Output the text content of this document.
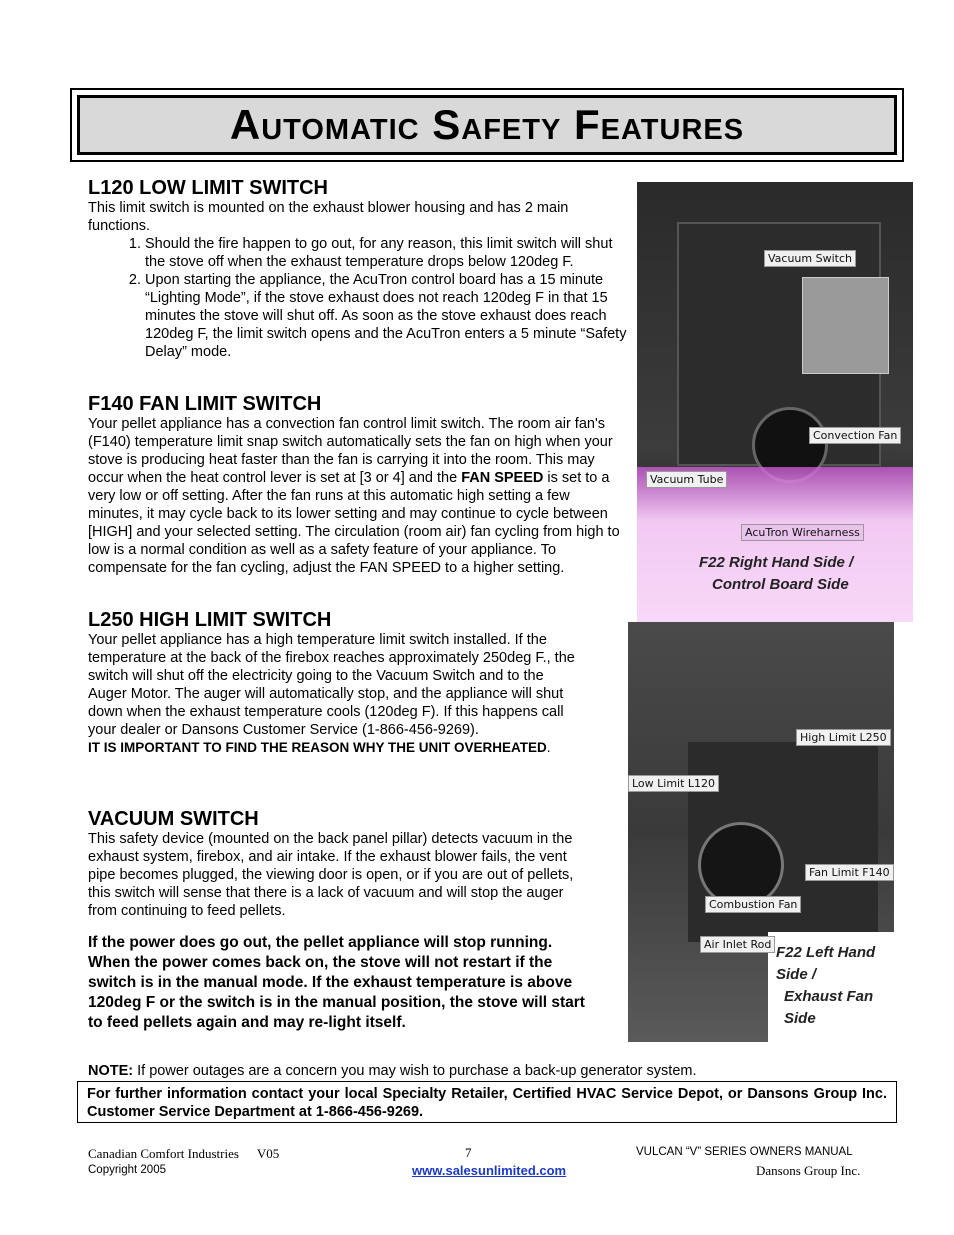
Automatic Safety Features
L120 LOW LIMIT SWITCH

This limit switch is mounted on the exhaust blower housing and has 2 main functions.

1. Should the fire happen to go out, for any reason, this limit switch will shut the stove off when the exhaust temperature drops below 120deg F.
2. Upon starting the appliance, the AcuTron control board has a 15 minute “Lighting Mode”, if the stove exhaust does not reach 120deg F in that 15 minutes the stove will shut off. As soon as the stove exhaust does reach 120deg F, the limit switch opens and the AcuTron enters a 5 minute “Safety Delay” mode.
F140 FAN LIMIT SWITCH

Your pellet appliance has a convection fan control limit switch. The room air fan's (F140) temperature limit snap switch automatically sets the fan on high when your stove is producing heat faster than the fan is carrying it into the room. This may occur when the heat control lever is set at [3 or 4] and the FAN SPEED is set to a very low or off setting. After the fan runs at this automatic high setting a few minutes, it may cycle back to its lower setting and may continue to cycle between [HIGH] and your selected setting. The circulation (room air) fan cycling from high to low is a normal condition as well as a safety feature of your appliance. To compensate for the fan cycling, adjust the FAN SPEED to a higher setting.

L250 HIGH LIMIT SWITCH

Your pellet appliance has a high temperature limit switch installed. If the temperature at the back of the firebox reaches approximately 250deg F., the switch will shut off the electricity going to the Vacuum Switch and to the Auger Motor. The auger will automatically stop, and the appliance will shut down when the exhaust temperature cools (120deg F). If this happens call your dealer or Dansons Customer Service (1-866-456-9269).

IT IS IMPORTANT TO FIND THE REASON WHY THE UNIT OVERHEATED.

VACUUM SWITCH

This safety device (mounted on the back panel pillar) detects vacuum in the exhaust system, firebox, and air intake. If the exhaust blower fails, the vent pipe becomes plugged, the viewing door is open, or if you are out of pellets, this switch will sense that there is a lack of vacuum and will stop the auger from continuing to feed pellets.

If the power does go out, the pellet appliance will stop running. When the power comes back on, the stove will not restart if the switch is in the manual mode. If the exhaust temperature is above 120deg F or the switch is in the manual position, the stove will start to feed pellets again and may re-light itself.

Vacuum Switch
Convection Fan
Vacuum Tube
AcuTron Wireharness
F22 Right Hand Side /
Control Board Side
High Limit L250
Low Limit L120
Fan Limit F140
Combustion Fan
Air Inlet Rod F22 Left Hand Side /
Exhaust Fan Side
NOTE: If power outages are a concern you may wish to purchase a back-up generator system.
For further information contact your local Specialty Retailer, Certified HVAC Service Depot, or Dansons Group Inc. Customer Service Department at 1-866-456-9269.
Canadian Comfort Industries V05
Copyright 2005
7
www.salesunlimited.com
VULCAN “V” SERIES OWNERS MANUAL
Dansons Group Inc.
